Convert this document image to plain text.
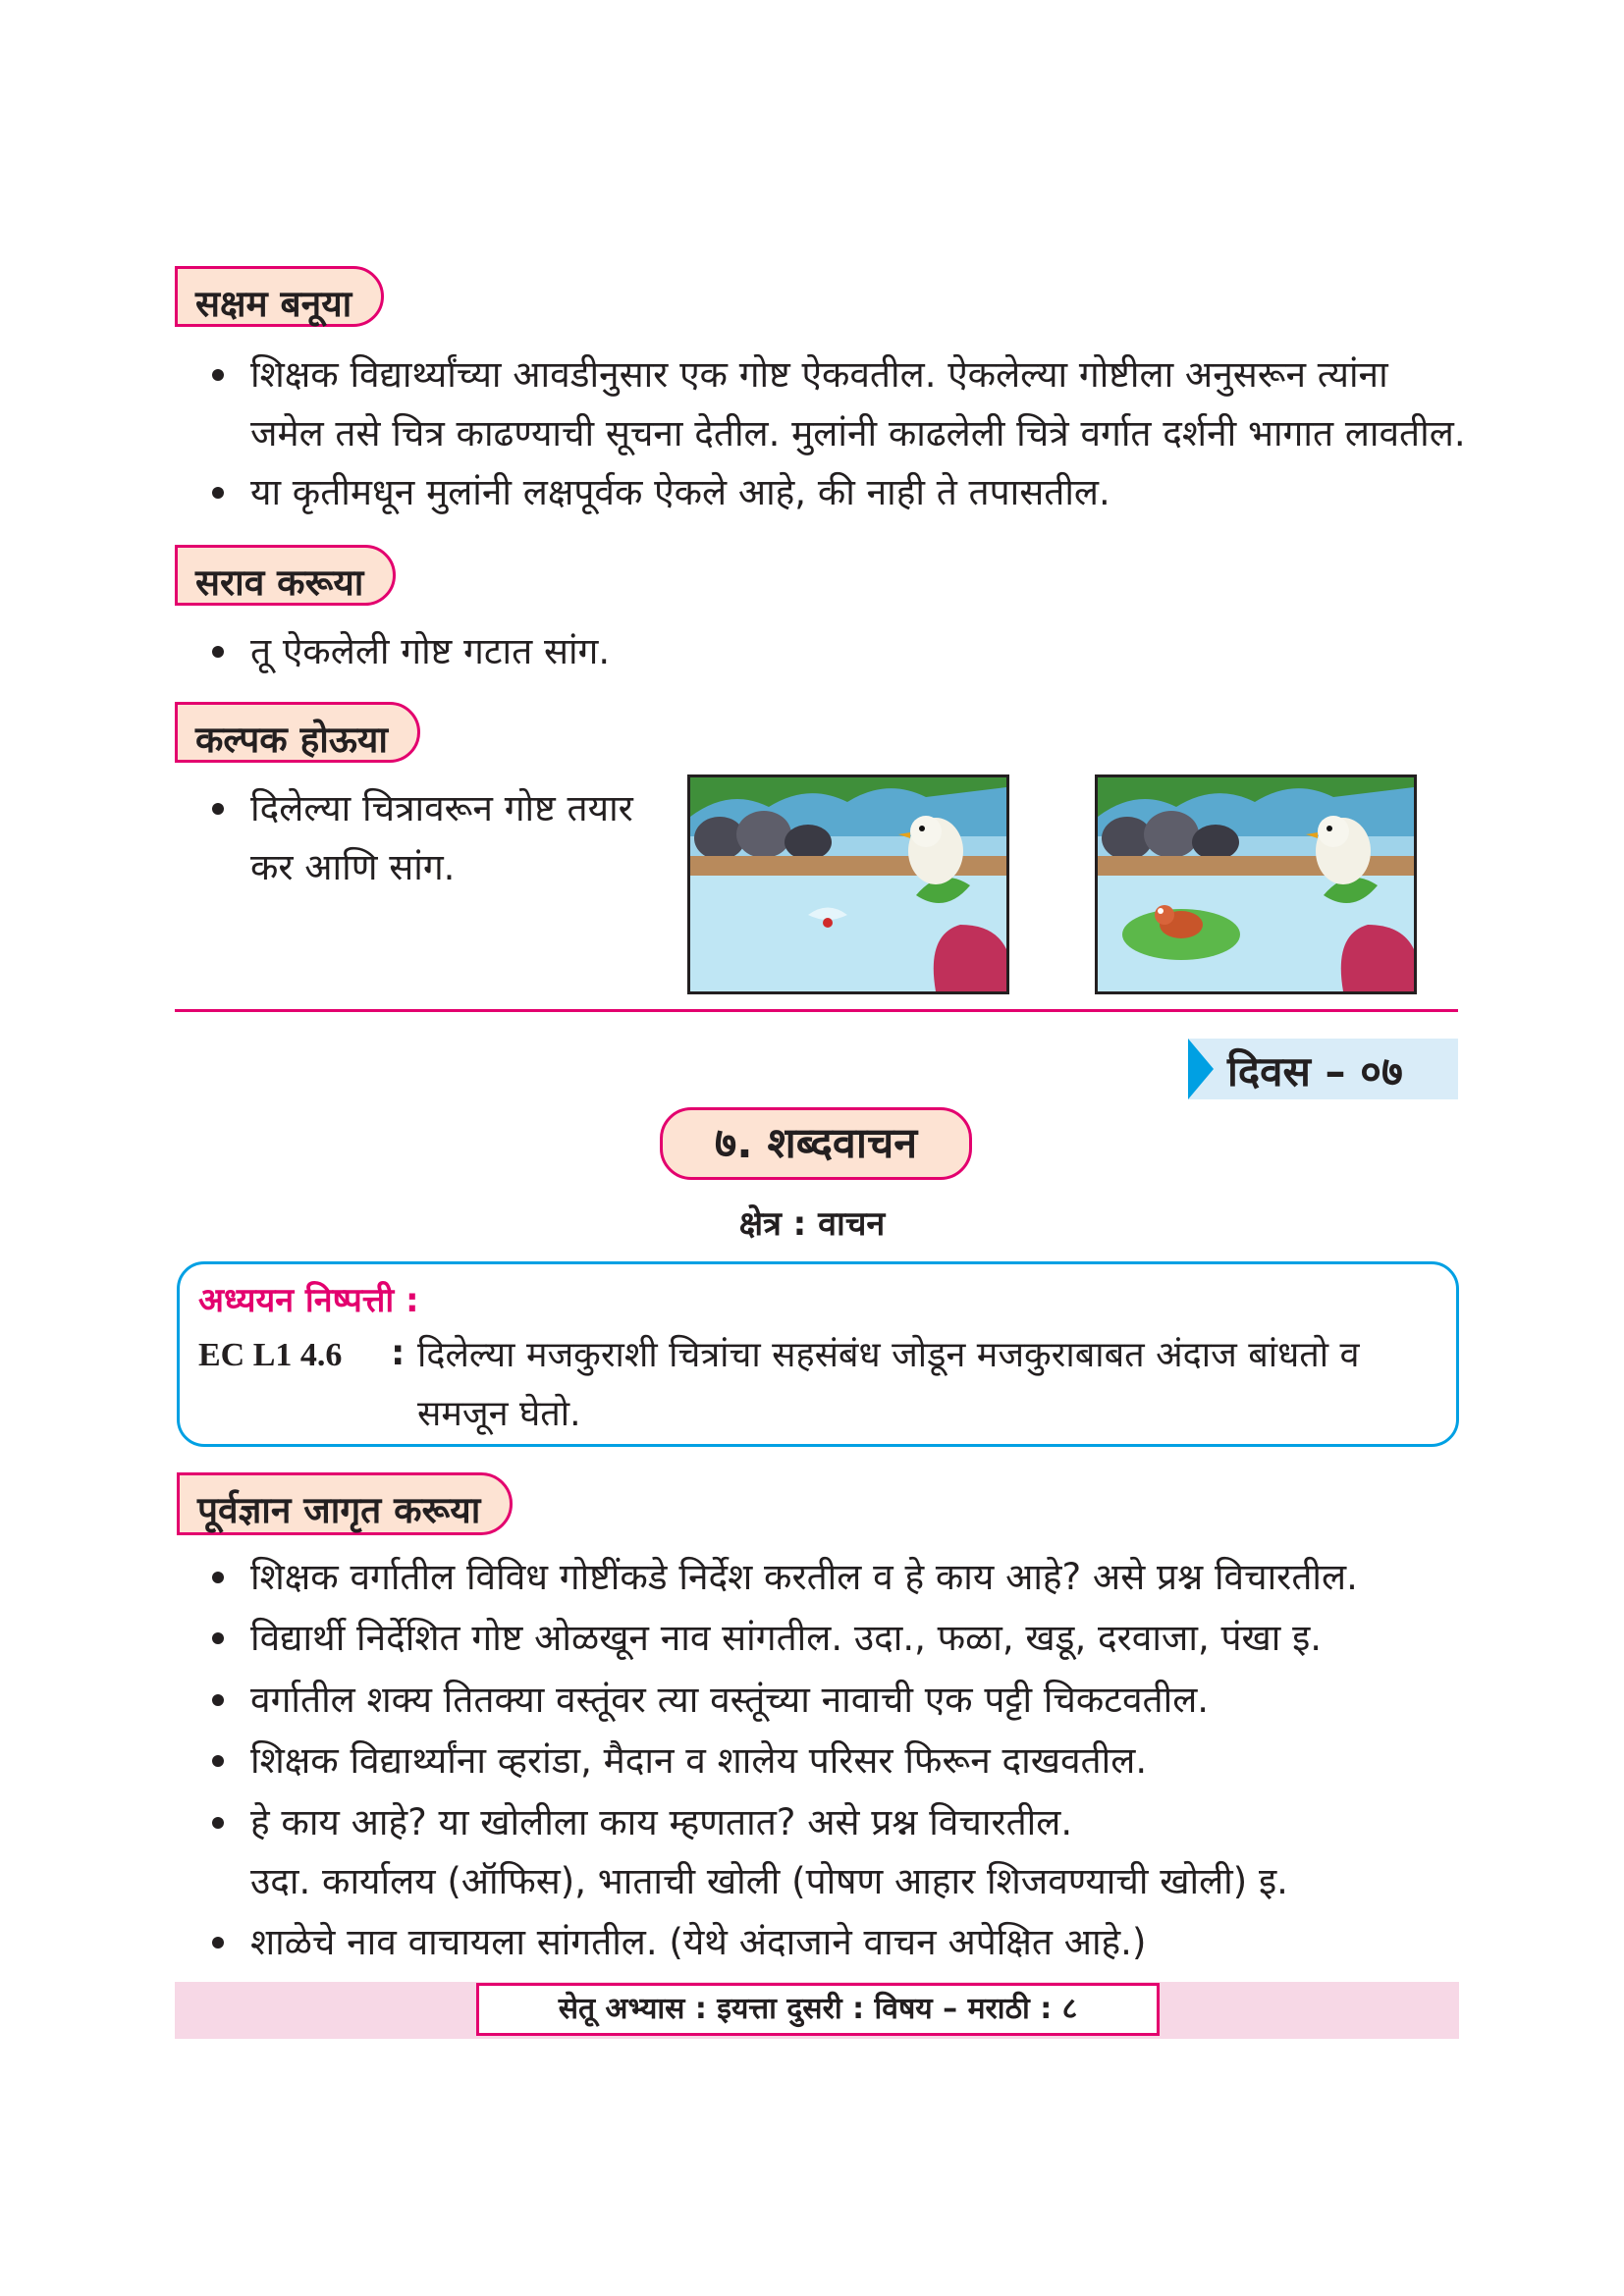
सक्षम बनूया
शिक्षक विद्यार्थ्यांच्या आवडीनुसार एक गोष्ट ऐकवतील. ऐकलेल्या गोष्टीला अनुसरून त्यांना
जमेल तसे चित्र काढण्याची सूचना देतील. मुलांनी काढलेली चित्रे वर्गात दर्शनी भागात लावतील.
या कृतीमधून मुलांनी लक्षपूर्वक ऐकले आहे, की नाही ते तपासतील.
सराव करूया
तू ऐकलेली गोष्ट गटात सांग.
कल्पक होऊया
दिलेल्या चित्रावरून गोष्ट तयार
कर आणि सांग.
दिवस – ०७
७. शब्दवाचन
क्षेत्र : वाचन
अध्ययन निष्पत्ती :
EC L1 4.6 : दिलेल्या मजकुराशी चित्रांचा सहसंबंध जोडून मजकुराबाबत अंदाज बांधतो व
समजून घेतो.
पूर्वज्ञान जागृत करूया
शिक्षक वर्गातील विविध गोष्टींकडे निर्देश करतील व हे काय आहे? असे प्रश्न विचारतील.
विद्यार्थी निर्देशित गोष्ट ओळखून नाव सांगतील. उदा., फळा, खडू, दरवाजा, पंखा इ.
वर्गातील शक्य तितक्या वस्तूंवर त्या वस्तूंच्या नावाची एक पट्टी चिकटवतील.
शिक्षक विद्यार्थ्यांना व्हरांडा, मैदान व शालेय परिसर फिरून दाखवतील.
हे काय आहे? या खोलीला काय म्हणतात? असे प्रश्न विचारतील.
उदा. कार्यालय (ऑफिस), भाताची खोली (पोषण आहार शिजवण्याची खोली) इ.
शाळेचे नाव वाचायला सांगतील. (येथे अंदाजाने वाचन अपेक्षित आहे.)
सेतू अभ्यास : इयत्ता दुसरी : विषय – मराठी : ८
